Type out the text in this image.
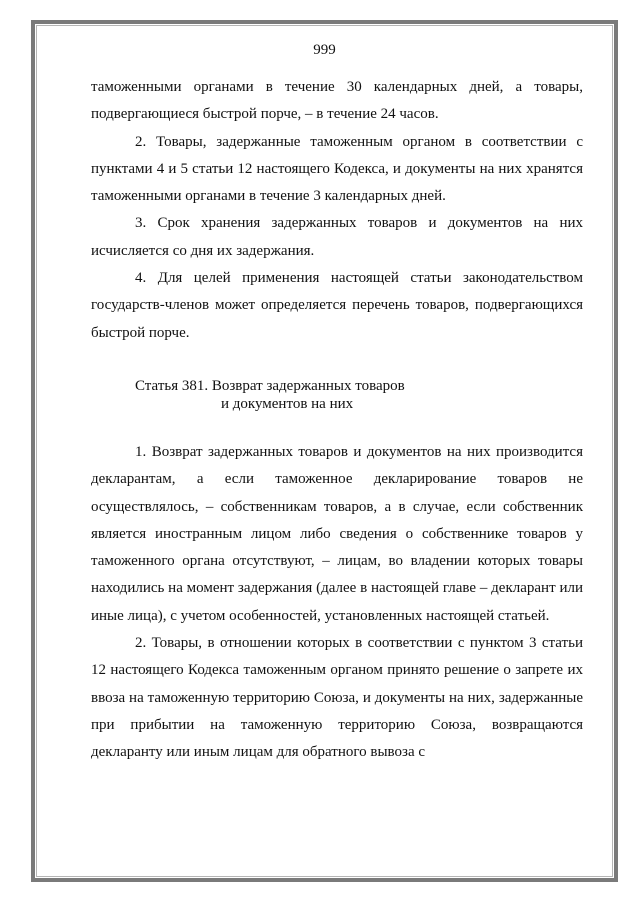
999

таможенными органами в течение 30 календарных дней, а товары, подвергающиеся быстрой порче, – в течение 24 часов.

2. Товары, задержанные таможенным органом в соответствии с пунктами 4 и 5 статьи 12 настоящего Кодекса, и документы на них хранятся таможенными органами в течение 3 календарных дней.

3. Срок хранения задержанных товаров и документов на них исчисляется со дня их задержания.

4. Для целей применения настоящей статьи законодательством государств-членов может определяется перечень товаров, подвергающихся быстрой порче.

Статья 381. Возврат задержанных товаров
и документов на них

1. Возврат задержанных товаров и документов на них производится декларантам, а если таможенное декларирование товаров не осуществлялось, – собственникам товаров, а в случае, если собственник является иностранным лицом либо сведения о собственнике товаров у таможенного органа отсутствуют, – лицам, во владении которых товары находились на момент задержания (далее в настоящей главе – декларант или иные лица), с учетом особенностей, установленных настоящей статьей.

2. Товары, в отношении которых в соответствии с пунктом 3 статьи 12 настоящего Кодекса таможенным органом принято решение о запрете их ввоза на таможенную территорию Союза, и документы на них, задержанные при прибытии на таможенную территорию Союза, возвращаются декларанту или иным лицам для обратного вывоза с
